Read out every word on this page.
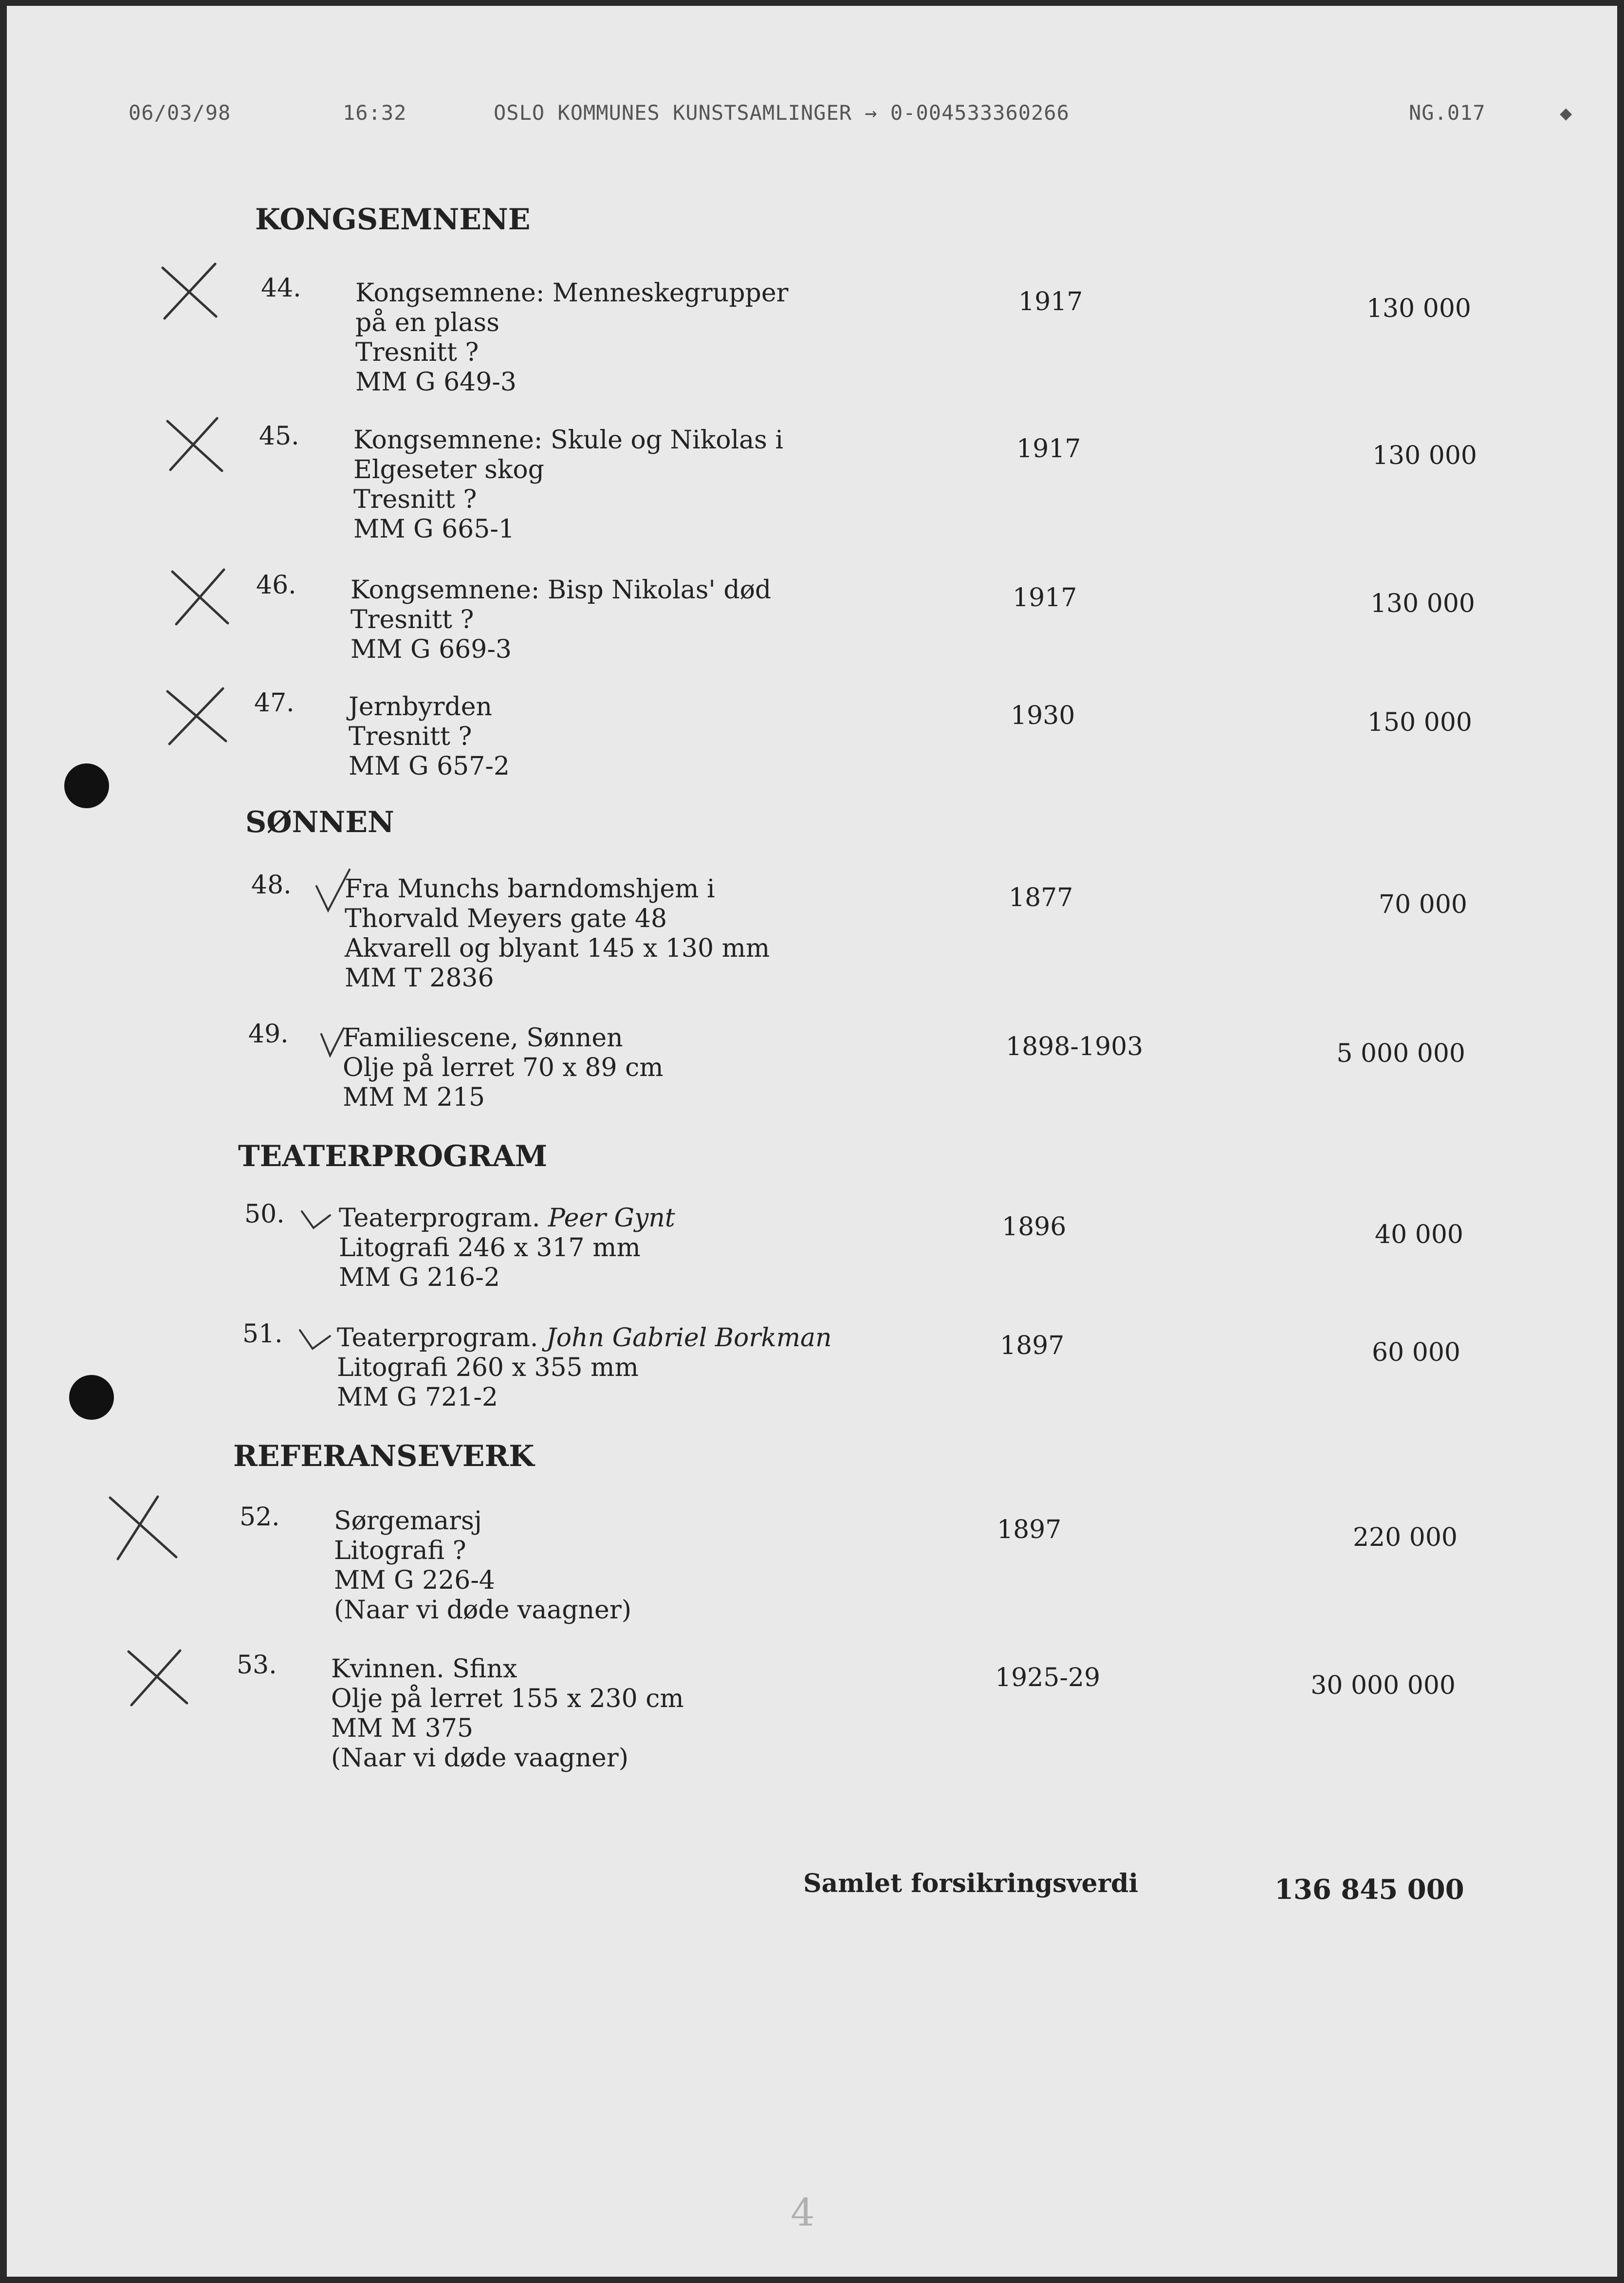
06/03/98	16:32	OSLO KOMMUNES KUNSTSAMLINGER → 0-004533360266	NG.017	◆
KONGSEMNENE
SØNNEN
TEATERPROGRAM
REFERANSEVERK
44. Kongsemnene: Menneskegrupper
på en plass
Tresnitt ?
MM G 649-3
1917	130 000
45. Kongsemnene: Skule og Nikolas i
Elgeseter skog
Tresnitt ?
MM G 665-1
1917	130 000
46. Kongsemnene: Bisp Nikolas' død
Tresnitt ?
MM G 669-3
1917	130 000
47. Jernbyrden
Tresnitt ?
MM G 657-2
1930	150 000
48. Fra Munchs barndomshjem i
Thorvald Meyers gate 48
Akvarell og blyant 145 x 130 mm
MM T 2836
1877	70 000
49. Familiescene, Sønnen
Olje på lerret 70 x 89 cm
MM M 215
1898-1903	5 000 000
50. Teaterprogram. Peer Gynt
Litografi 246 x 317 mm
MM G 216-2
1896	40 000
51. Teaterprogram. John Gabriel Borkman
Litografi 260 x 355 mm
MM G 721-2
1897	60 000
52. Sørgemarsj
Litografi ?
MM G 226-4
(Naar vi døde vaagner)
1897	220 000
53. Kvinnen. Sfinx
Olje på lerret 155 x 230 cm
MM M 375
(Naar vi døde vaagner)
1925-29	30 000 000
Samlet forsikringsverdi	136 845 000
4
